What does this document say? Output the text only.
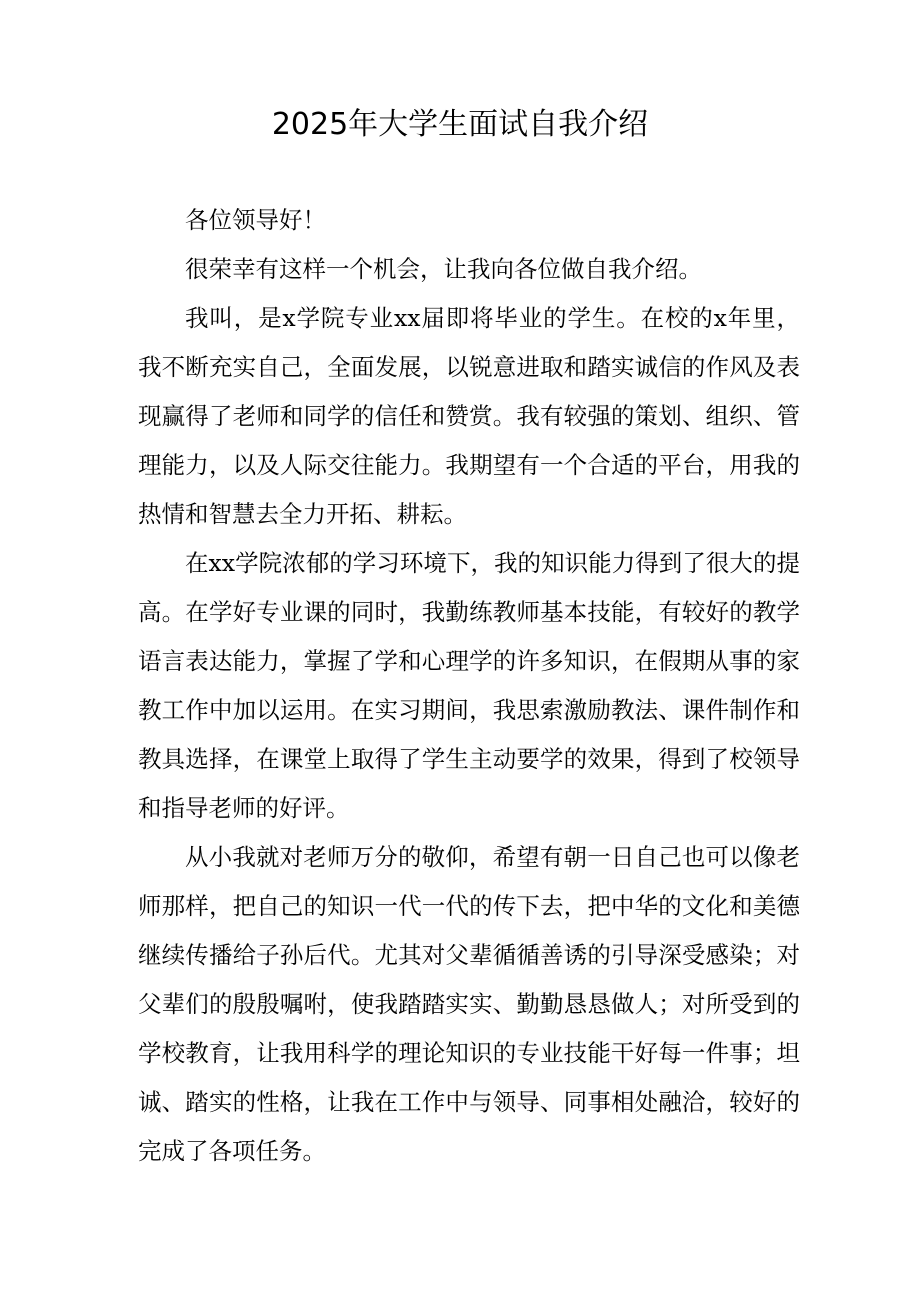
2025年大学生面试自我介绍

各位领导好！

很荣幸有这样一个机会，让我向各位做自我介绍。

我叫，是x学院专业xx届即将毕业的学生。在校的x年里，我不断充实自己，全面发展，以锐意进取和踏实诚信的作风及表现赢得了老师和同学的信任和赞赏。我有较强的策划、组织、管理能力，以及人际交往能力。我期望有一个合适的平台，用我的热情和智慧去全力开拓、耕耘。

在xx学院浓郁的学习环境下，我的知识能力得到了很大的提高。在学好专业课的同时，我勤练教师基本技能，有较好的教学语言表达能力，掌握了学和心理学的许多知识，在假期从事的家教工作中加以运用。在实习期间，我思索激励教法、课件制作和教具选择，在课堂上取得了学生主动要学的效果，得到了校领导和指导老师的好评。

从小我就对老师万分的敬仰，希望有朝一日自己也可以像老师那样，把自己的知识一代一代的传下去，把中华的文化和美德继续传播给子孙后代。尤其对父辈循循善诱的引导深受感染；对父辈们的殷殷嘱咐，使我踏踏实实、勤勤恳恳做人；对所受到的学校教育，让我用科学的理论知识的专业技能干好每一件事；坦诚、踏实的性格，让我在工作中与领导、同事相处融洽，较好的完成了各项任务。
